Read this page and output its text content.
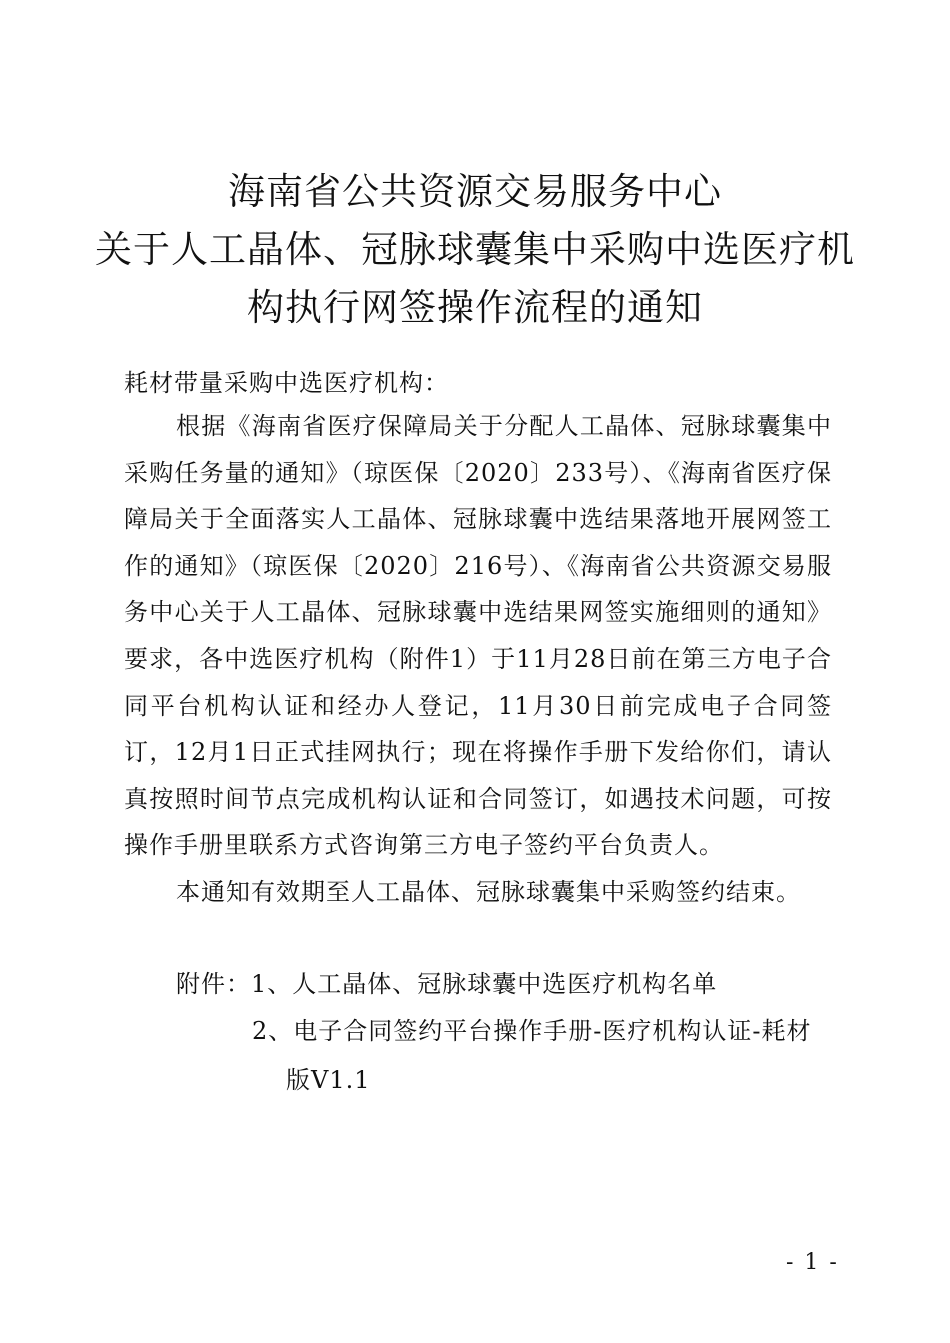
海南省公共资源交易服务中心
关于人工晶体、冠脉球囊集中采购中选医疗机
构执行网签操作流程的通知
耗材带量采购中选医疗机构：
根据《海南省医疗保障局关于分配人工晶体、冠脉球囊集中采购任务量的通知》（琼医保〔2020〕233号）、《海南省医疗保障局关于全面落实人工晶体、冠脉球囊中选结果落地开展网签工作的通知》（琼医保〔2020〕216号）、《海南省公共资源交易服务中心关于人工晶体、冠脉球囊中选结果网签实施细则的通知》要求，各中选医疗机构（附件1）于11月28日前在第三方电子合同平台机构认证和经办人登记，11月30日前完成电子合同签订，12月1日正式挂网执行；现在将操作手册下发给你们，请认真按照时间节点完成机构认证和合同签订，如遇技术问题，可按操作手册里联系方式咨询第三方电子签约平台负责人。
本通知有效期至人工晶体、冠脉球囊集中采购签约结束。
附件：1、人工晶体、冠脉球囊中选医疗机构名单
2、电子合同签约平台操作手册-医疗机构认证-耗材
版V1.1
- 1 -
